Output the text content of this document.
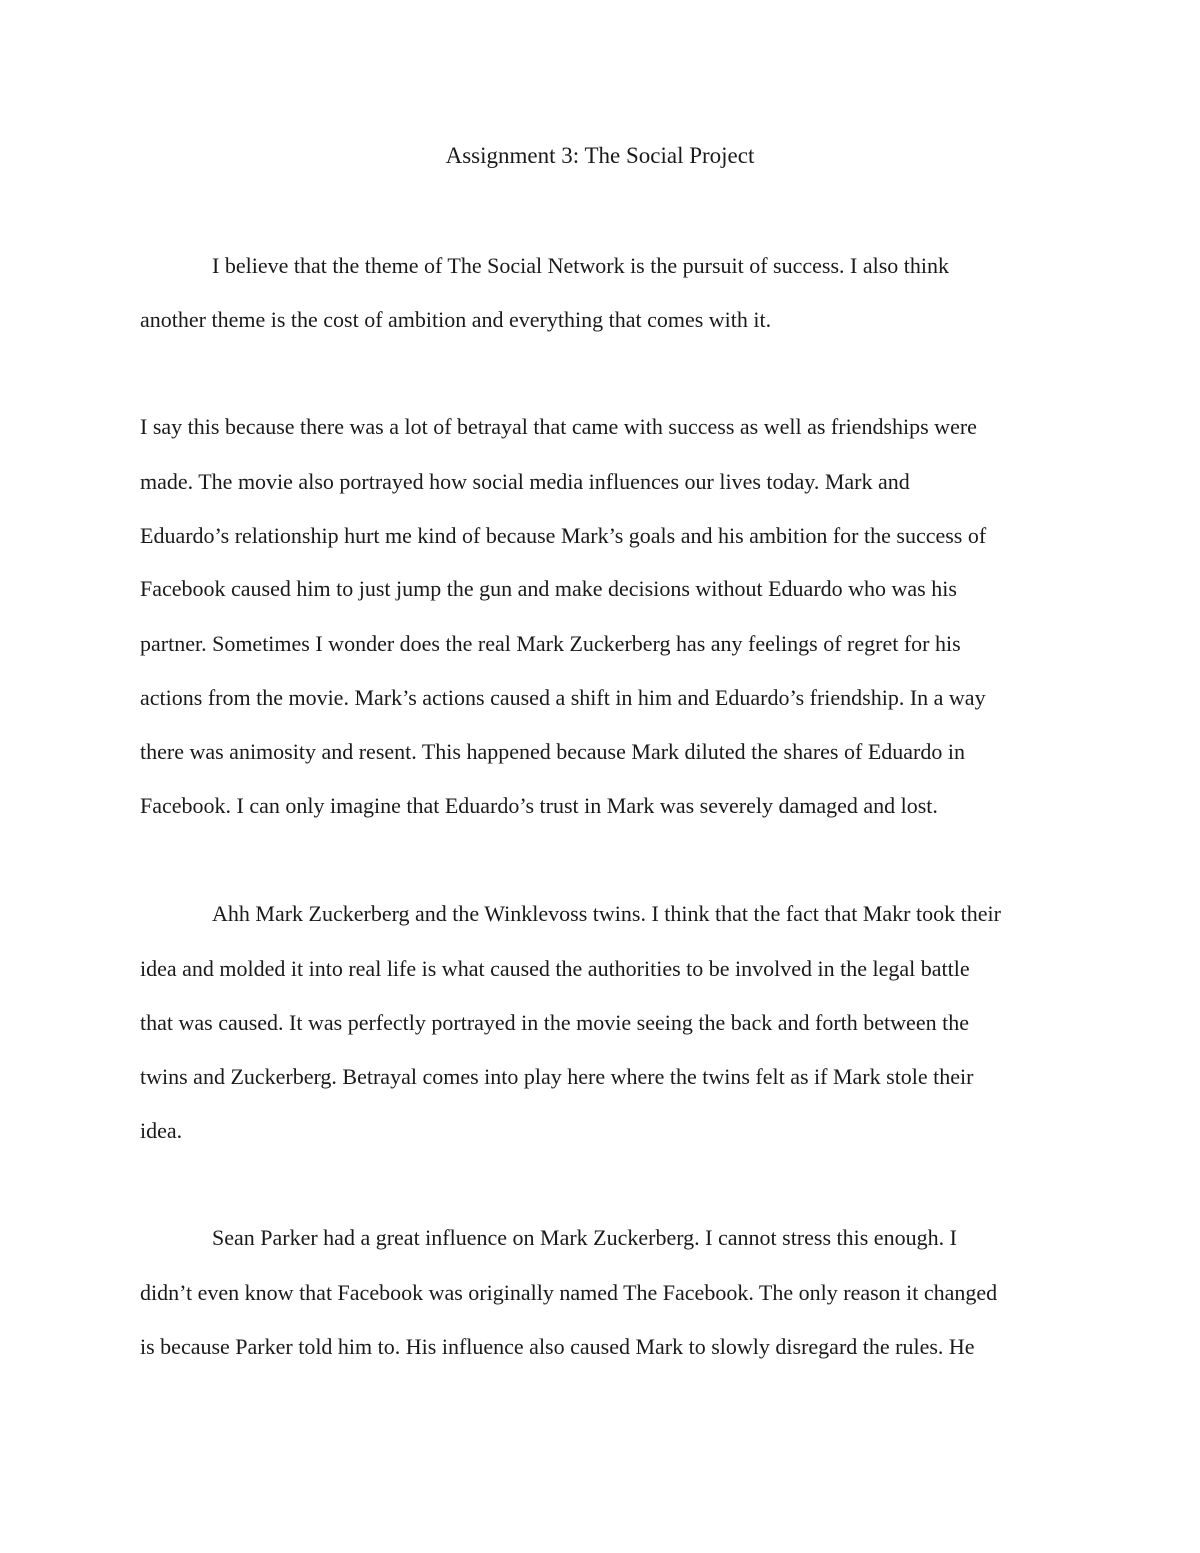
Assignment 3: The Social Project

I believe that the theme of The Social Network is the pursuit of success. I also think

another theme is the cost of ambition and everything that comes with it.

I say this because there was a lot of betrayal that came with success as well as friendships were

made. The movie also portrayed how social media influences our lives today. Mark and

Eduardo’s relationship hurt me kind of because Mark’s goals and his ambition for the success of

Facebook caused him to just jump the gun and make decisions without Eduardo who was his

partner. Sometimes I wonder does the real Mark Zuckerberg has any feelings of regret for his

actions from the movie. Mark’s actions caused a shift in him and Eduardo’s friendship. In a way

there was animosity and resent. This happened because Mark diluted the shares of Eduardo in

Facebook. I can only imagine that Eduardo’s trust in Mark was severely damaged and lost.

Ahh Mark Zuckerberg and the Winklevoss twins. I think that the fact that Makr took their

idea and molded it into real life is what caused the authorities to be involved in the legal battle

that was caused. It was perfectly portrayed in the movie seeing the back and forth between the

twins and Zuckerberg. Betrayal comes into play here where the twins felt as if Mark stole their

idea.

Sean Parker had a great influence on Mark Zuckerberg. I cannot stress this enough. I

didn’t even know that Facebook was originally named The Facebook. The only reason it changed

is because Parker told him to. His influence also caused Mark to slowly disregard the rules. He
